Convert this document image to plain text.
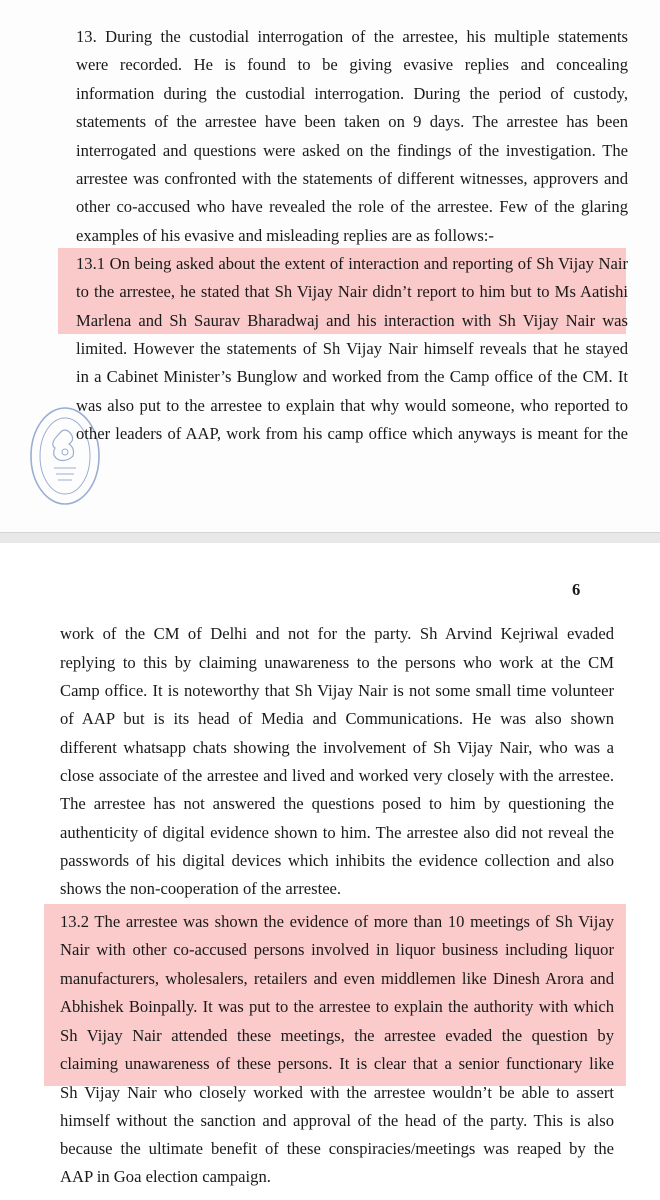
13. During the custodial interrogation of the arrestee, his multiple statements
were recorded. He is found to be giving evasive replies and concealing
information during the custodial interrogation. During the period of custody,
statements of the arrestee have been taken on 9 days. The arrestee has been
interrogated and questions were asked on the findings of the investigation. The
arrestee was confronted with the statements of different witnesses, approvers and
other co-accused who have revealed the role of the arrestee. Few of the glaring
examples of his evasive and misleading replies are as follows:-
13.1 On being asked about the extent of interaction and reporting of Sh Vijay Nair
to the arrestee, he stated that Sh Vijay Nair didn’t report to him but to Ms Aatishi
Marlena and Sh Saurav Bharadwaj and his interaction with Sh Vijay Nair was
limited. However the statements of Sh Vijay Nair himself reveals that he stayed
in a Cabinet Minister’s Bunglow and worked from the Camp office of the CM. It
was also put to the arrestee to explain that why would someone, who reported to
other leaders of AAP, work from his camp office which anyways is meant for the
6
work of the CM of Delhi and not for the party. Sh Arvind Kejriwal evaded
replying to this by claiming unawareness to the persons who work at the CM
Camp office. It is noteworthy that Sh Vijay Nair is not some small time volunteer
of AAP but is its head of Media and Communications. He was also shown
different whatsapp chats showing the involvement of Sh Vijay Nair, who was a
close associate of the arrestee and lived and worked very closely with the arrestee.
The arrestee has not answered the questions posed to him by questioning the
authenticity of digital evidence shown to him. The arrestee also did not reveal the
passwords of his digital devices which inhibits the evidence collection and also
shows the non-cooperation of the arrestee.
13.2 The arrestee was shown the evidence of more than 10 meetings of Sh Vijay
Nair with other co-accused persons involved in liquor business including liquor
manufacturers, wholesalers, retailers and even middlemen like Dinesh Arora and
Abhishek Boinpally. It was put to the arrestee to explain the authority with which
Sh Vijay Nair attended these meetings, the arrestee evaded the question by
claiming unawareness of these persons. It is clear that a senior functionary like
Sh Vijay Nair who closely worked with the arrestee wouldn’t be able to assert
himself without the sanction and approval of the head of the party. This is also
because the ultimate benefit of these conspiracies/meetings was reaped by the
AAP in Goa election campaign.
